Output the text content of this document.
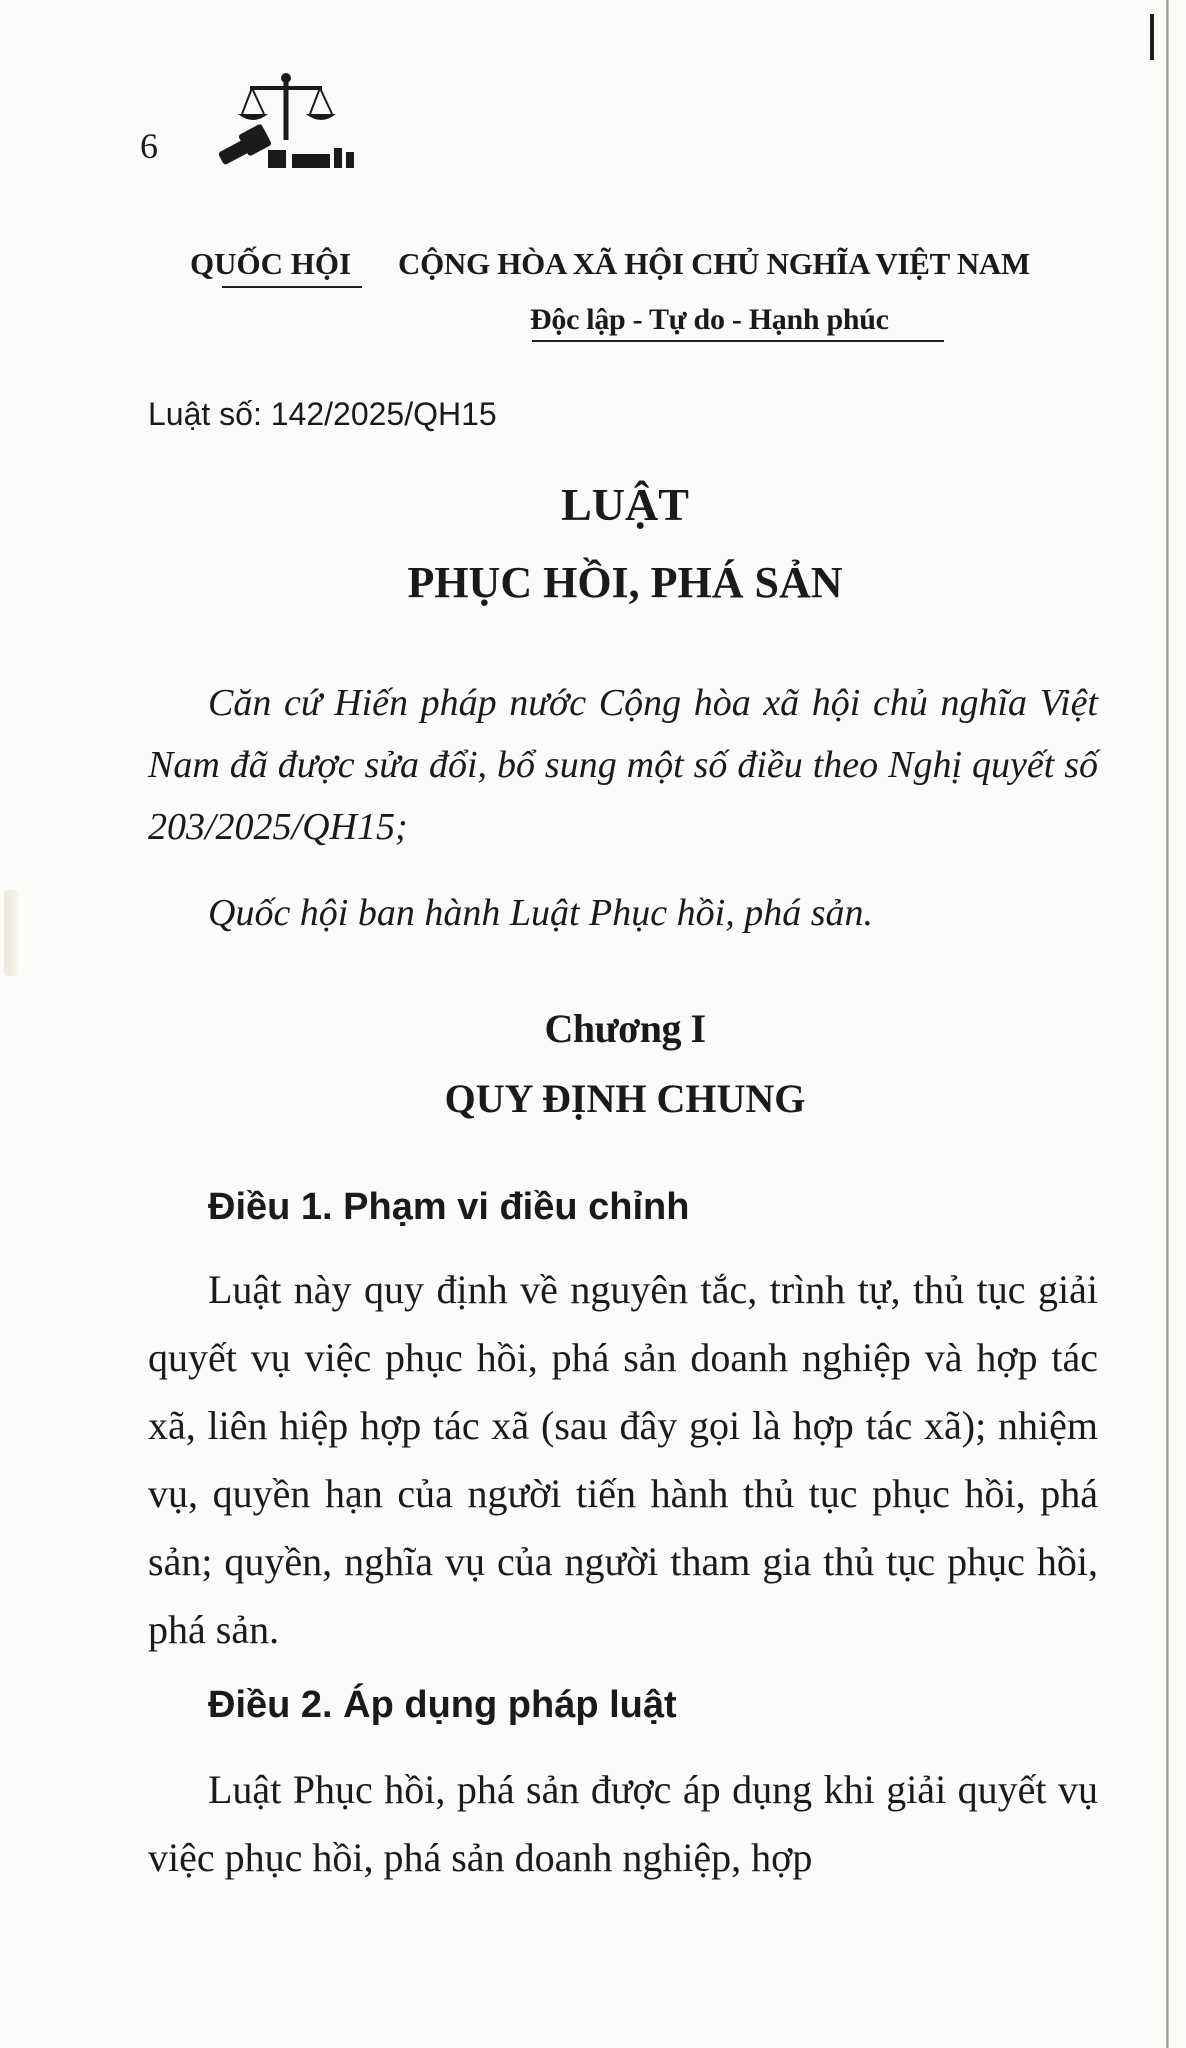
6
QUỐC HỘI CỘNG HÒA XÃ HỘI CHỦ NGHĨA VIỆT NAM
Độc lập - Tự do - Hạnh phúc
Luật số: 142/2025/QH15
LUẬT
PHỤC HỒI, PHÁ SẢN
Căn cứ Hiến pháp nước Cộng hòa xã hội chủ nghĩa Việt Nam đã được sửa đổi, bổ sung một số điều theo Nghị quyết số 203/2025/QH15;
Quốc hội ban hành Luật Phục hồi, phá sản.
Chương I
QUY ĐỊNH CHUNG
Điều 1. Phạm vi điều chỉnh
Luật này quy định về nguyên tắc, trình tự, thủ tục giải quyết vụ việc phục hồi, phá sản doanh nghiệp và hợp tác xã, liên hiệp hợp tác xã (sau đây gọi là hợp tác xã); nhiệm vụ, quyền hạn của người tiến hành thủ tục phục hồi, phá sản; quyền, nghĩa vụ của người tham gia thủ tục phục hồi, phá sản.
Điều 2. Áp dụng pháp luật
Luật Phục hồi, phá sản được áp dụng khi giải quyết vụ việc phục hồi, phá sản doanh nghiệp, hợp
